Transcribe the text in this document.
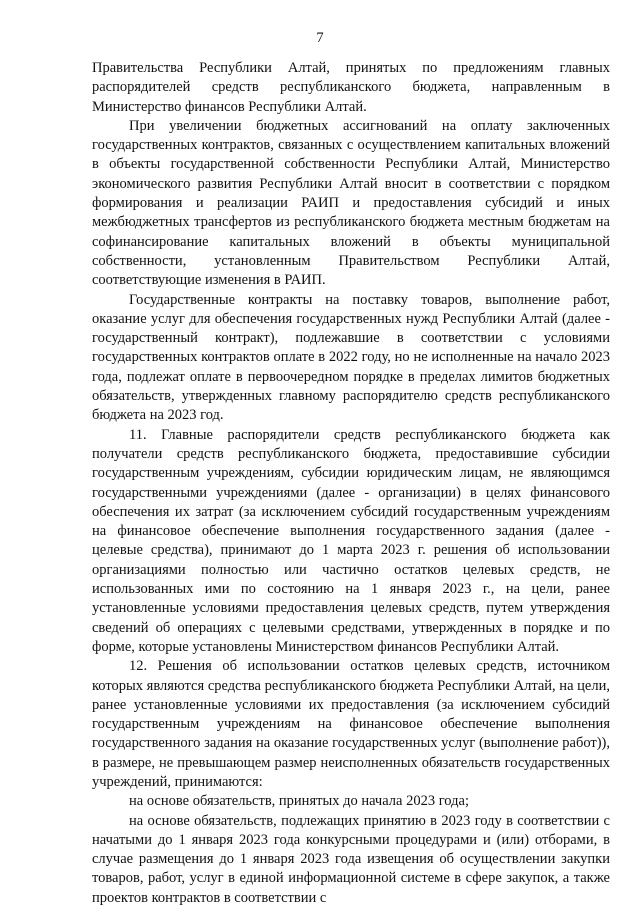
7

Правительства Республики Алтай, принятых по предложениям главных распорядителей средств республиканского бюджета, направленным в Министерство финансов Республики Алтай.

При увеличении бюджетных ассигнований на оплату заключенных государственных контрактов, связанных с осуществлением капитальных вложений в объекты государственной собственности Республики Алтай, Министерство экономического развития Республики Алтай вносит в соответствии с порядком формирования и реализации РАИП и предоставления субсидий и иных межбюджетных трансфертов из республиканского бюджета местным бюджетам на софинансирование капитальных вложений в объекты муниципальной собственности, установленным Правительством Республики Алтай, соответствующие изменения в РАИП.

Государственные контракты на поставку товаров, выполнение работ, оказание услуг для обеспечения государственных нужд Республики Алтай (далее - государственный контракт), подлежавшие в соответствии с условиями государственных контрактов оплате в 2022 году, но не исполненные на начало 2023 года, подлежат оплате в первоочередном порядке в пределах лимитов бюджетных обязательств, утвержденных главному распорядителю средств республиканского бюджета на 2023 год.

11. Главные распорядители средств республиканского бюджета как получатели средств республиканского бюджета, предоставившие субсидии государственным учреждениям, субсидии юридическим лицам, не являющимся государственными учреждениями (далее - организации) в целях финансового обеспечения их затрат (за исключением субсидий государственным учреждениям на финансовое обеспечение выполнения государственного задания (далее - целевые средства), принимают до 1 марта 2023 г. решения об использовании организациями полностью или частично остатков целевых средств, не использованных ими по состоянию на 1 января 2023 г., на цели, ранее установленные условиями предоставления целевых средств, путем утверждения сведений об операциях с целевыми средствами, утвержденных в порядке и по форме, которые установлены Министерством финансов Республики Алтай.

12. Решения об использовании остатков целевых средств, источником которых являются средства республиканского бюджета Республики Алтай, на цели, ранее установленные условиями их предоставления (за исключением субсидий государственным учреждениям на финансовое обеспечение выполнения государственного задания на оказание государственных услуг (выполнение работ)), в размере, не превышающем размер неисполненных обязательств государственных учреждений, принимаются:

на основе обязательств, принятых до начала 2023 года;

на основе обязательств, подлежащих принятию в 2023 году в соответствии с начатыми до 1 января 2023 года конкурсными процедурами и (или) отборами, в случае размещения до 1 января 2023 года извещения об осуществлении закупки товаров, работ, услуг в единой информационной системе в сфере закупок, а также проектов контрактов в соответствии с
